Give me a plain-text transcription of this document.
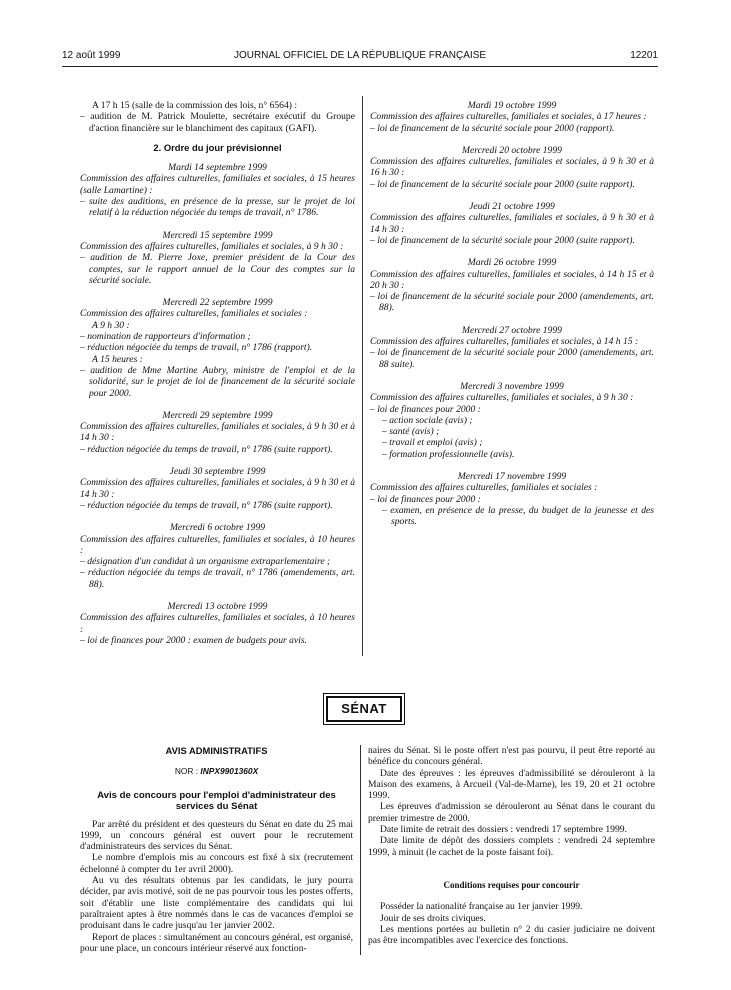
12 août 1999	JOURNAL OFFICIEL DE LA RÉPUBLIQUE FRANÇAISE	12201

A 17 h 15 (salle de la commission des lois, n° 6564) :

– audition de M. Patrick Moulette, secrétaire exécutif du Groupe d'action financière sur le blanchiment des capitaux (GAFI).

2. Ordre du jour prévisionnel

Mardi 14 septembre 1999

Commission des affaires culturelles, familiales et sociales, à 15 heures (salle Lamartine) :

– suite des auditions, en présence de la presse, sur le projet de loi relatif à la réduction négociée du temps de travail, n° 1786.

Mercredi 15 septembre 1999

Commission des affaires culturelles, familiales et sociales, à 9 h 30 :

– audition de M. Pierre Joxe, premier président de la Cour des comptes, sur le rapport annuel de la Cour des comptes sur la sécurité sociale.

Mercredi 22 septembre 1999

Commission des affaires culturelles, familiales et sociales :

A 9 h 30 :

– nomination de rapporteurs d'information ;

– réduction négociée du temps de travail, n° 1786 (rapport).

A 15 heures :

– audition de Mme Martine Aubry, ministre de l'emploi et de la solidarité, sur le projet de loi de financement de la sécurité sociale pour 2000.

Mercredi 29 septembre 1999

Commission des affaires culturelles, familiales et sociales, à 9 h 30 et à 14 h 30 :

– réduction négociée du temps de travail, n° 1786 (suite rapport).

Jeudi 30 septembre 1999

Commission des affaires culturelles, familiales et sociales, à 9 h 30 et à 14 h 30 :

– réduction négociée du temps de travail, n° 1786 (suite rapport).

Mercredi 6 octobre 1999

Commission des affaires culturelles, familiales et sociales, à 10 heures :

– désignation d'un candidat à un organisme extraparlementaire ;

– réduction négociée du temps de travail, n° 1786 (amendements, art. 88).

Mercredi 13 octobre 1999

Commission des affaires culturelles, familiales et sociales, à 10 heures :

– loi de finances pour 2000 : examen de budgets pour avis.

Mardi 19 octobre 1999

Commission des affaires culturelles, familiales et sociales, à 17 heures :

– loi de financement de la sécurité sociale pour 2000 (rapport).

Mercredi 20 octobre 1999

Commission des affaires culturelles, familiales et sociales, à 9 h 30 et à 16 h 30 :

– loi de financement de la sécurité sociale pour 2000 (suite rapport).

Jeudi 21 octobre 1999

Commission des affaires culturelles, familiales et sociales, à 9 h 30 et à 14 h 30 :

– loi de financement de la sécurité sociale pour 2000 (suite rapport).

Mardi 26 octobre 1999

Commission des affaires culturelles, familiales et sociales, à 14 h 15 et à 20 h 30 :

– loi de financement de la sécurité sociale pour 2000 (amendements, art. 88).

Mercredi 27 octobre 1999

Commission des affaires culturelles, familiales et sociales, à 14 h 15 :

– loi de financement de la sécurité sociale pour 2000 (amendements, art. 88 suite).

Mercredi 3 novembre 1999

Commission des affaires culturelles, familiales et sociales, à 9 h 30 :

– loi de finances pour 2000 :

– action sociale (avis) ;

– santé (avis) ;

– travail et emploi (avis) ;

– formation professionnelle (avis).

Mercredi 17 novembre 1999

Commission des affaires culturelles, familiales et sociales :

– loi de finances pour 2000 :

– examen, en présence de la presse, du budget de la jeunesse et des sports.

SÉNAT
AVIS ADMINISTRATIFS
NOR : INPX9901360X
Avis de concours pour l'emploi d'administrateur des services du Sénat

Par arrêté du président et des questeurs du Sénat en date du 25 mai 1999, un concours général est ouvert pour le recrutement d'administrateurs des services du Sénat.

Le nombre d'emplois mis au concours est fixé à six (recrutement échelonné à compter du 1er avril 2000).

Au vu des résultats obtenus par les candidats, le jury pourra décider, par avis motivé, soit de ne pas pourvoir tous les postes offerts, soit d'établir une liste complémentaire des candidats qui lui paraîtraient aptes à être nommés dans le cas de vacances d'emploi se produisant dans le cadre jusqu'au 1er janvier 2002.

Report de places : simultanément au concours général, est organisé, pour une place, un concours intérieur réservé aux fonction-

naires du Sénat. Si le poste offert n'est pas pourvu, il peut être reporté au bénéfice du concours général.

Date des épreuves : les épreuves d'admissibilité se dérouleront à la Maison des examens, à Arcueil (Val-de-Marne), les 19, 20 et 21 octobre 1999.

Les épreuves d'admission se dérouleront au Sénat dans le courant du premier trimestre de 2000.

Date limite de retrait des dossiers : vendredi 17 septembre 1999.

Date limite de dépôt des dossiers complets : vendredi 24 septembre 1999, à minuit (le cachet de la poste faisant foi).

Conditions requises pour concourir

Posséder la nationalité française au 1er janvier 1999.

Jouir de ses droits civiques.

Les mentions portées au bulletin n° 2 du casier judiciaire ne doivent pas être incompatibles avec l'exercice des fonctions.
